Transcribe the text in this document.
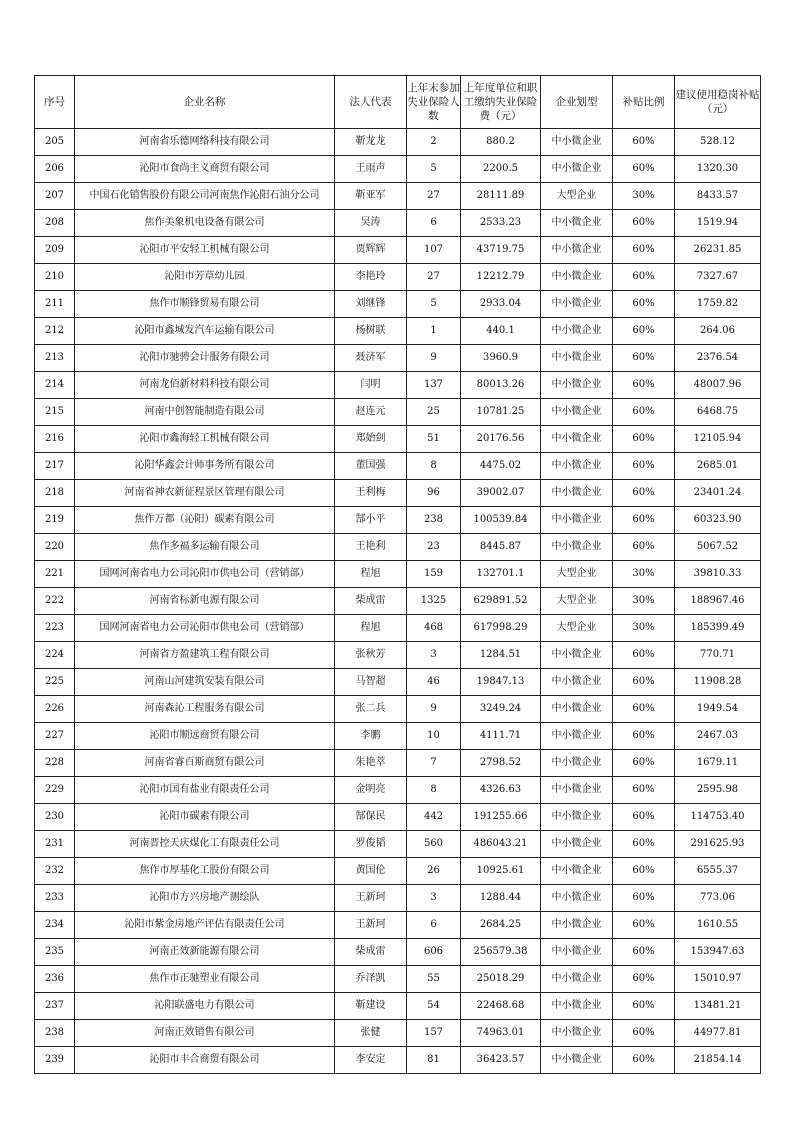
序号	企业名称	法人代表	上年末参加失业保险人数	上年度单位和职工缴纳失业保险费（元）	企业划型	补贴比例	建议使用稳岗补贴（元）
205	河南省乐德网络科技有限公司	靳龙龙	2	880.2	中小微企业	60%	528.12
206	沁阳市食尚主义商贸有限公司	王雨声	5	2200.5	中小微企业	60%	1320.30
207	中国石化销售股份有限公司河南焦作沁阳石油分公司	靳亚军	27	28111.89	大型企业	30%	8433.57
208	焦作美象机电设备有限公司	吴涛	6	2533.23	中小微企业	60%	1519.94
209	沁阳市平安轻工机械有限公司	贾辉辉	107	43719.75	中小微企业	60%	26231.85
210	沁阳市芳草幼儿园	李艳玲	27	12212.79	中小微企业	60%	7327.67
211	焦作市顺锋贸易有限公司	刘继锋	5	2933.04	中小微企业	60%	1759.82
212	沁阳市鑫城发汽车运输有限公司	杨树联	1	440.1	中小微企业	60%	264.06
213	沁阳市驰骋会计服务有限公司	聂济军	9	3960.9	中小微企业	60%	2376.54
214	河南龙佰新材料科技有限公司	闫明	137	80013.26	中小微企业	60%	48007.96
215	河南中创智能制造有限公司	赵连元	25	10781.25	中小微企业	60%	6468.75
216	沁阳市鑫海轻工机械有限公司	郑始剑	51	20176.56	中小微企业	60%	12105.94
217	沁阳华鑫会计师事务所有限公司	董国强	8	4475.02	中小微企业	60%	2685.01
218	河南省神农新征程景区管理有限公司	王利梅	96	39002.07	中小微企业	60%	23401.24
219	焦作万都（沁阳）碳素有限公司	郜小平	238	100539.84	中小微企业	60%	60323.90
220	焦作多福多运输有限公司	王艳利	23	8445.87	中小微企业	60%	5067.52
221	国网河南省电力公司沁阳市供电公司（营销部）	程旭	159	132701.1	大型企业	30%	39810.33
222	河南省标新电源有限公司	柴成雷	1325	629891.52	大型企业	30%	188967.46
223	国网河南省电力公司沁阳市供电公司（营销部）	程旭	468	617998.29	大型企业	30%	185399.49
224	河南省方盈建筑工程有限公司	张秋芳	3	1284.51	中小微企业	60%	770.71
225	河南山河建筑安装有限公司	马智超	46	19847.13	中小微企业	60%	11908.28
226	河南森沁工程服务有限公司	张二兵	9	3249.24	中小微企业	60%	1949.54
227	沁阳市顺远商贸有限公司	李鹏	10	4111.71	中小微企业	60%	2467.03
228	河南省睿百斯商贸有限公司	朱艳萃	7	2798.52	中小微企业	60%	1679.11
229	沁阳市国有盐业有限责任公司	金明亮	8	4326.63	中小微企业	60%	2595.98
230	沁阳市碳素有限公司	郜保民	442	191255.66	中小微企业	60%	114753.40
231	河南晋控天庆煤化工有限责任公司	罗俊韬	560	486043.21	中小微企业	60%	291625.93
232	焦作市厚基化工股份有限公司	黄国伦	26	10925.61	中小微企业	60%	6555.37
233	沁阳市方兴房地产测绘队	王新珂	3	1288.44	中小微企业	60%	773.06
234	沁阳市紫金房地产评估有限责任公司	王新珂	6	2684.25	中小微企业	60%	1610.55
235	河南正效新能源有限公司	柴成雷	606	256579.38	中小微企业	60%	153947.63
236	焦作市正驰塑业有限公司	乔泽凯	55	25018.29	中小微企业	60%	15010.97
237	沁阳联盛电力有限公司	靳建设	54	22468.68	中小微企业	60%	13481.21
238	河南正效销售有限公司	张健	157	74963.01	中小微企业	60%	44977.81
239	沁阳市丰合商贸有限公司	李安定	81	36423.57	中小微企业	60%	21854.14
